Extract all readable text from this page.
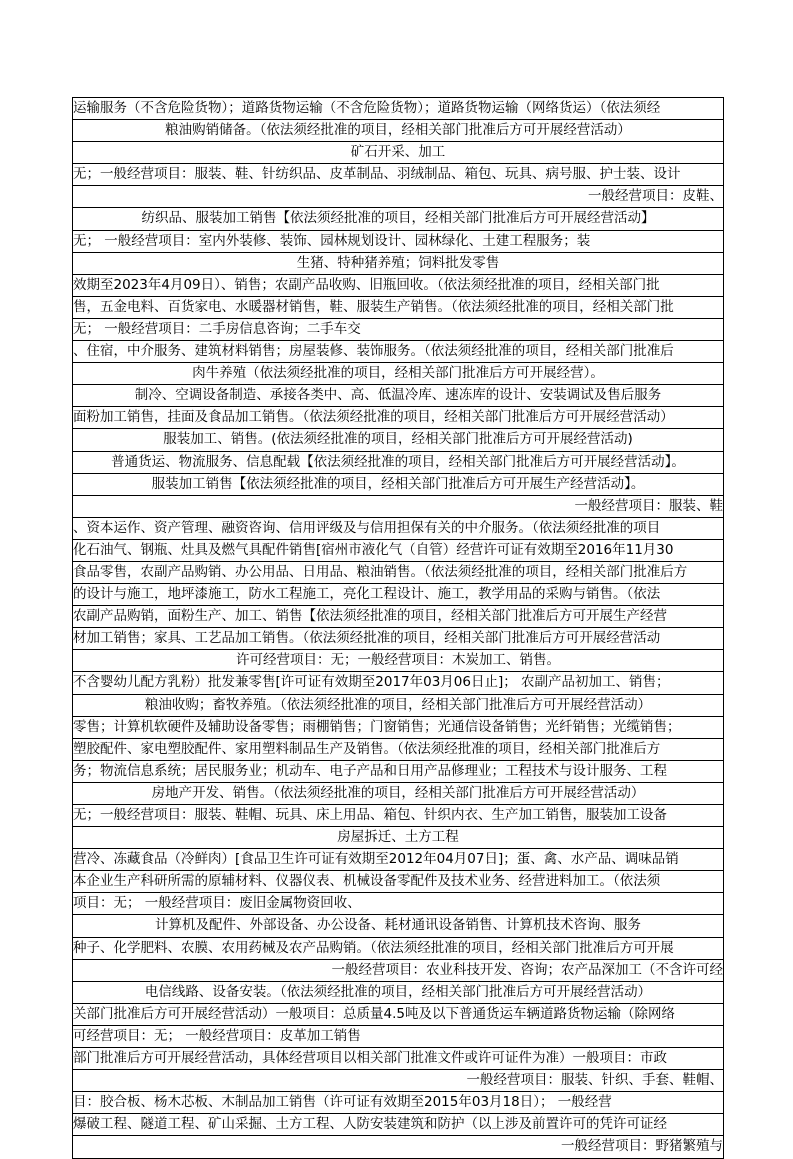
运输服务（不含危险货物）；道路货物运输（不含危险货物）；道路货物运输（网络货运）（依法须经
粮油购销储备。（依法须经批准的项目，经相关部门批准后方可开展经营活动）
矿石开采、加工
无；一般经营项目：服装、鞋、针纺织品、皮革制品、羽绒制品、箱包、玩具、病号服、护士装、设计
一般经营项目：皮鞋、
纺织品、服装加工销售【依法须经批准的项目，经相关部门批准后方可开展经营活动】
无； 一般经营项目：室内外装修、装饰、园林规划设计、园林绿化、土建工程服务；装
生猪、特种猪养殖；饲料批发零售
效期至2023年4月09日）、销售；农副产品收购、旧瓶回收。（依法须经批准的项目，经相关部门批
售，五金电料、百货家电、水暖器材销售，鞋、服装生产销售。（依法须经批准的项目，经相关部门批
无； 一般经营项目：二手房信息咨询；二手车交
、住宿，中介服务、建筑材料销售；房屋装修、装饰服务。（依法须经批准的项目，经相关部门批准后
肉牛养殖（依法须经批准的项目，经相关部门批准后方可开展经营）。
制冷、空调设备制造、承接各类中、高、低温冷库、速冻库的设计、安装调试及售后服务
面粉加工销售，挂面及食品加工销售。（依法须经批准的项目，经相关部门批准后方可开展经营活动）
服装加工、销售。(依法须经批准的项目，经相关部门批准后方可开展经营活动)
普通货运、物流服务、信息配载【依法须经批准的项目，经相关部门批准后方可开展经营活动】。
服装加工销售【依法须经批准的项目，经相关部门批准后方可开展生产经营活动】。
一般经营项目：服装、鞋
、资本运作、资产管理、融资咨询、信用评级及与信用担保有关的中介服务。（依法须经批准的项目
化石油气、钢瓶、灶具及燃气具配件销售[宿州市液化气（自管）经营许可证有效期至2016年11月30
食品零售，农副产品购销、办公用品、日用品、粮油销售。（依法须经批准的项目，经相关部门批准后方
的设计与施工，地坪漆施工，防水工程施工，亮化工程设计、施工，教学用品的采购与销售。（依法
农副产品购销，面粉生产、加工、销售【依法须经批准的项目，经相关部门批准后方可开展生产经营
材加工销售；家具、工艺品加工销售。（依法须经批准的项目，经相关部门批准后方可开展经营活动
许可经营项目：无；一般经营项目：木炭加工、销售。
不含婴幼儿配方乳粉）批发兼零售[许可证有效期至2017年03月06日止]； 农副产品初加工、销售；
粮油收购；畜牧养殖。（依法须经批准的项目，经相关部门批准后方可开展经营活动）
零售；计算机软硬件及辅助设备零售；雨棚销售；门窗销售；光通信设备销售；光纤销售；光缆销售；
塑胶配件、家电塑胶配件、家用塑料制品生产及销售。（依法须经批准的项目，经相关部门批准后方
务；物流信息系统；居民服务业；机动车、电子产品和日用产品修理业；工程技术与设计服务、工程
房地产开发、销售。（依法须经批准的项目，经相关部门批准后方可开展经营活动）
无；一般经营项目：服装、鞋帽、玩具、床上用品、箱包、针织内衣、生产加工销售，服装加工设备
房屋拆迁、土方工程
营冷、冻藏食品（冷鲜肉）[食品卫生许可证有效期至2012年04月07日]；蛋、禽、水产品、调味品销
本企业生产科研所需的原辅材料、仪器仪表、机械设备零配件及技术业务、经营进料加工。（依法须
项目：无； 一般经营项目：废旧金属物资回收、
计算机及配件、外部设备、办公设备、耗材通讯设备销售、计算机技术咨询、服务
种子、化学肥料、农膜、农用药械及农产品购销。（依法须经批准的项目，经相关部门批准后方可开展
一般经营项目：农业科技开发、咨询；农产品深加工（不含许可经
电信线路、设备安装。（依法须经批准的项目，经相关部门批准后方可开展经营活动）
关部门批准后方可开展经营活动）一般项目：总质量4.5吨及以下普通货运车辆道路货物运输（除网络
可经营项目：无； 一般经营项目：皮革加工销售
部门批准后方可开展经营活动，具体经营项目以相关部门批准文件或许可证件为准）一般项目：市政
一般经营项目：服装、针织、手套、鞋帽、
目：胶合板、杨木芯板、木制品加工销售（许可证有效期至2015年03月18日）； 一般经营
爆破工程、隧道工程、矿山采掘、土方工程、人防安装建筑和防护（以上涉及前置许可的凭许可证经
一般经营项目：野猪繁殖与
